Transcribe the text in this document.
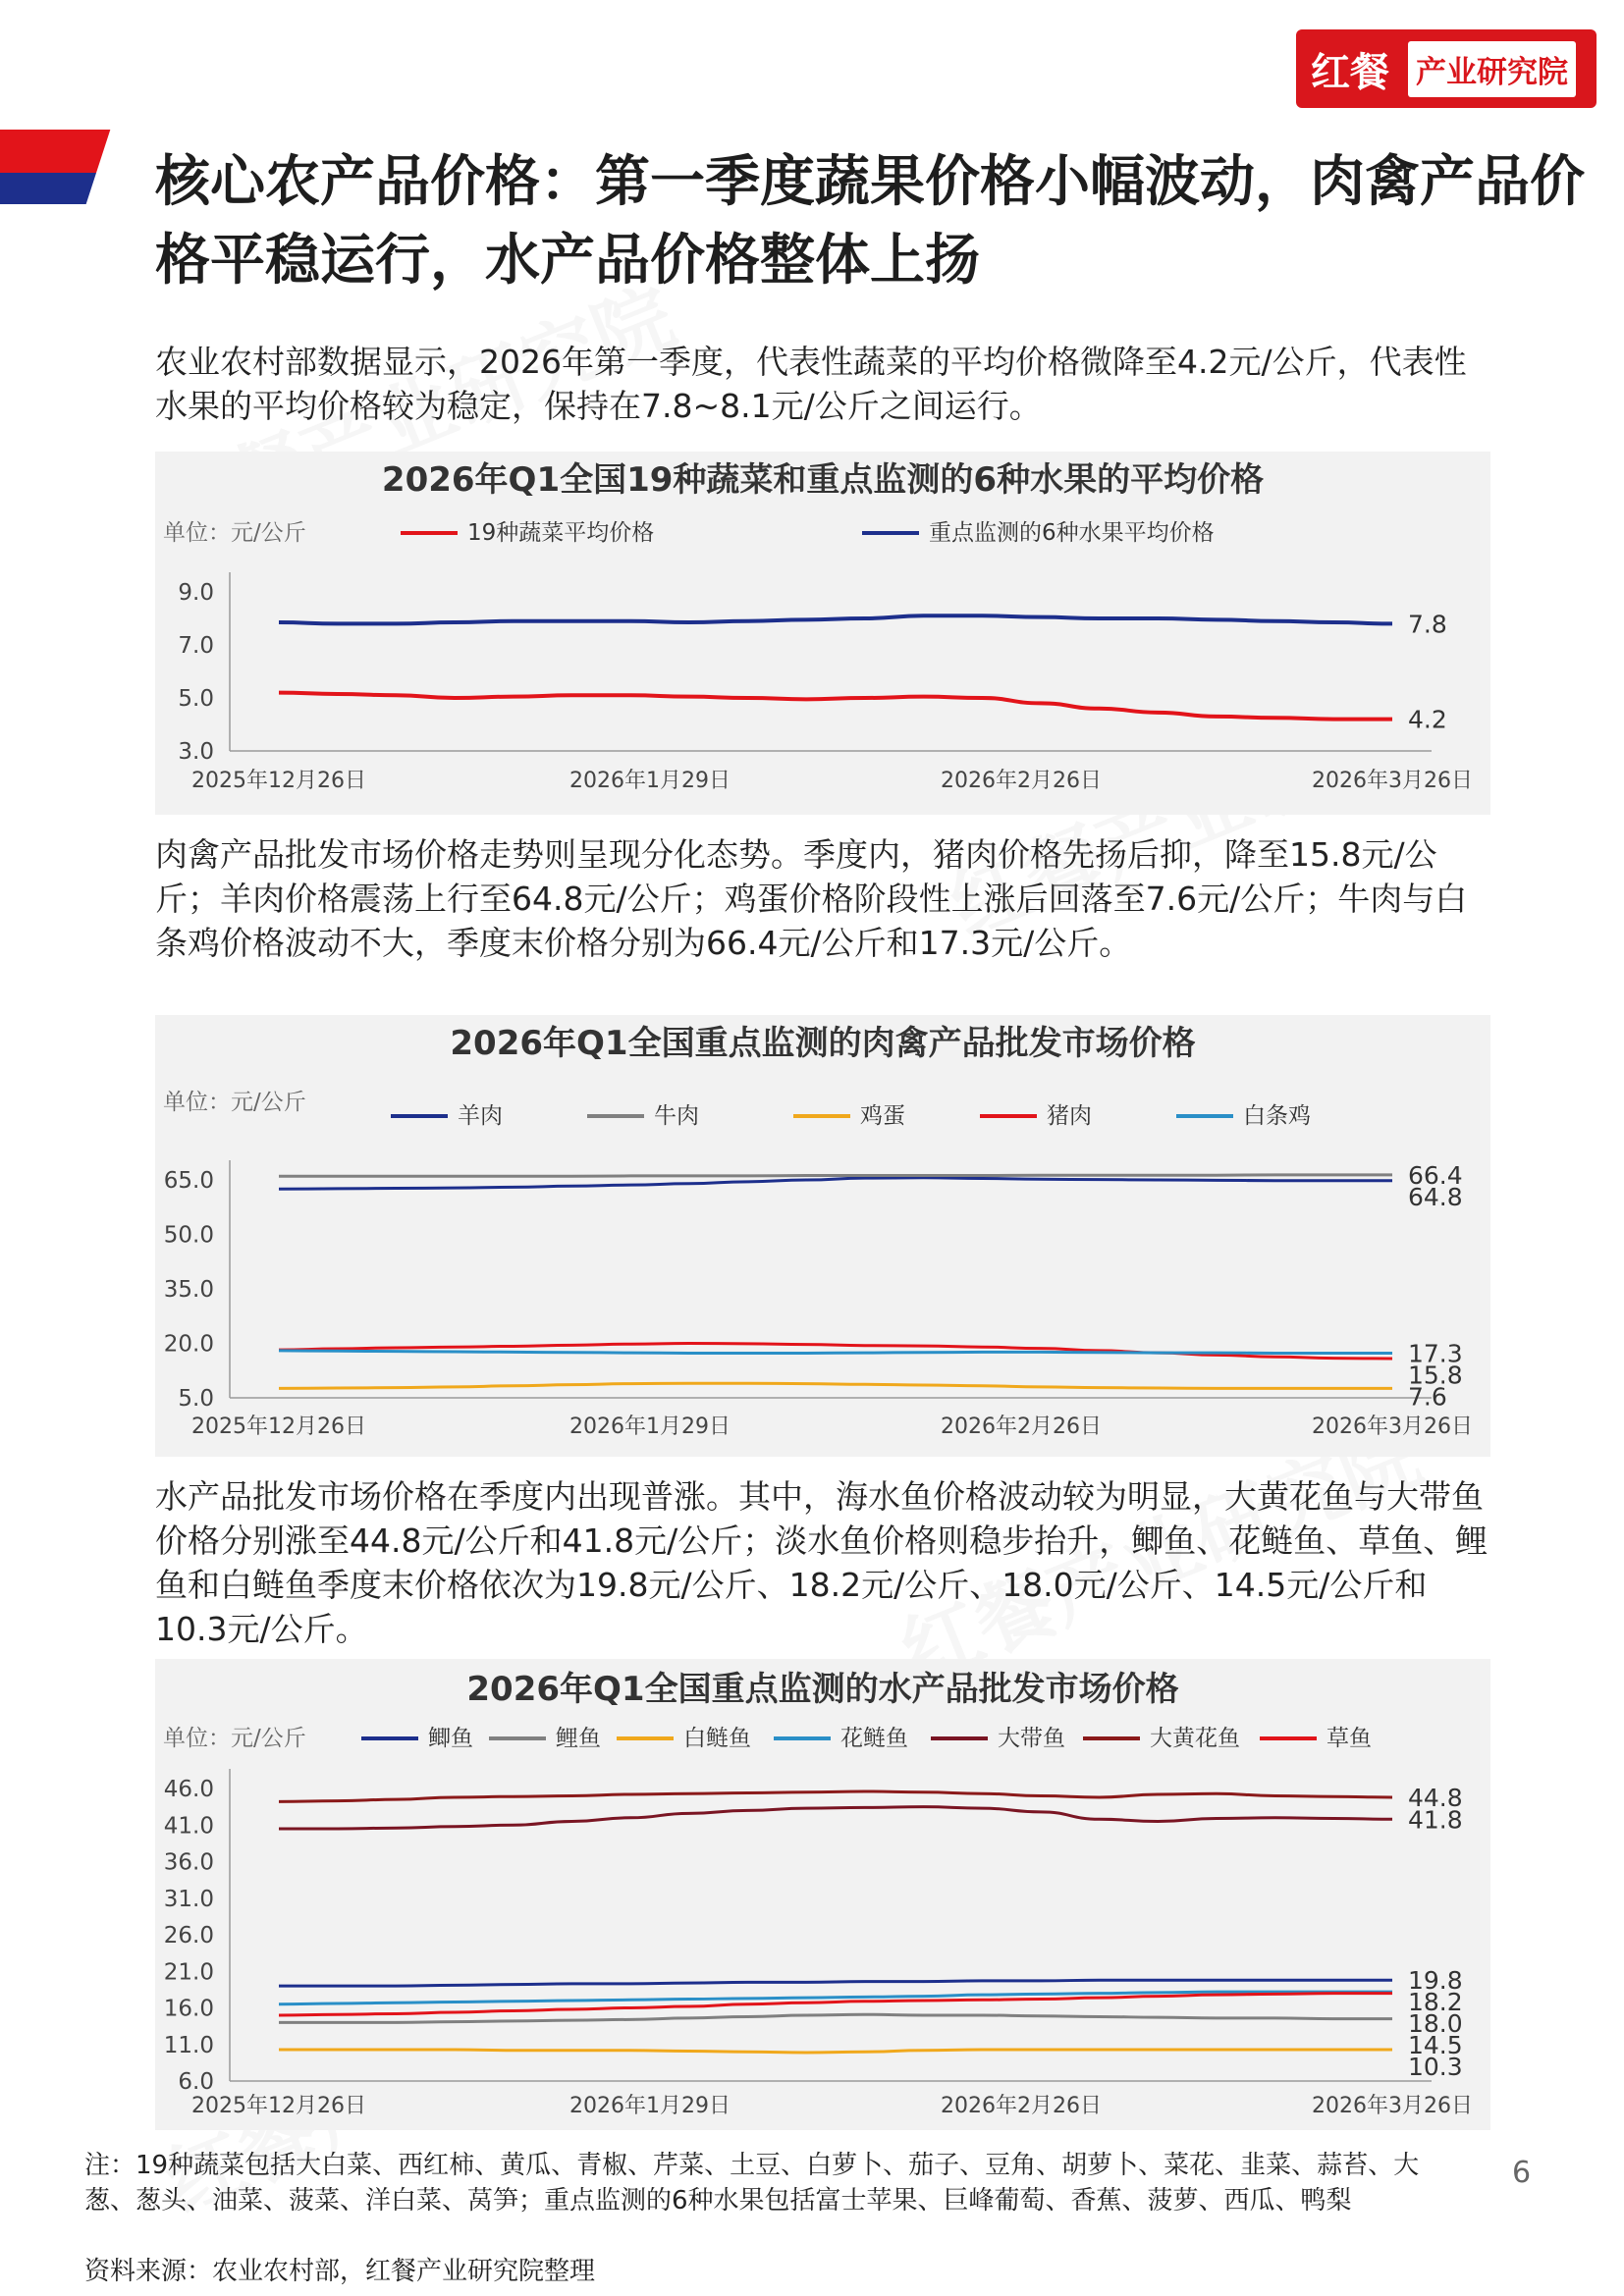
红餐 产业研究院
核心农产品价格：第一季度蔬果价格小幅波动，肉禽产品价格平稳运行，水产品价格整体上扬
农业农村部数据显示，2026年第一季度，代表性蔬菜的平均价格微降至4.2元/公斤，代表性水果的平均价格较为稳定，保持在7.8~8.1元/公斤之间运行。
2026年Q1全国19种蔬菜和重点监测的6种水果的平均价格
单位：元/公斤	19种蔬菜平均价格	重点监测的6种水果平均价格
9.0
7.0
5.0
3.0
2025年12月26日	2026年1月29日	2026年2月26日	2026年3月26日
7.8
4.2
肉禽产品批发市场价格走势则呈现分化态势。季度内，猪肉价格先扬后抑，降至15.8元/公斤；羊肉价格震荡上行至64.8元/公斤；鸡蛋价格阶段性上涨后回落至7.6元/公斤；牛肉与白条鸡价格波动不大，季度末价格分别为66.4元/公斤和17.3元/公斤。
2026年Q1全国重点监测的肉禽产品批发市场价格
单位：元/公斤
羊肉	牛肉	鸡蛋	猪肉	白条鸡
65.0
50.0
35.0
20.0
5.0
2025年12月26日	2026年1月29日	2026年2月26日	2026年3月26日
66.4
64.8
17.3
15.8
7.6
水产品批发市场价格在季度内出现普涨。其中，海水鱼价格波动较为明显，大黄花鱼与大带鱼价格分别涨至44.8元/公斤和41.8元/公斤；淡水鱼价格则稳步抬升，鲫鱼、花鲢鱼、草鱼、鲤鱼和白鲢鱼季度末价格依次为19.8元/公斤、18.2元/公斤、18.0元/公斤、14.5元/公斤和10.3元/公斤。
2026年Q1全国重点监测的水产品批发市场价格
单位：元/公斤	鲫鱼	鲤鱼	白鲢鱼	花鲢鱼	大带鱼	大黄花鱼	草鱼
46.0
41.0
36.0
31.0
26.0
21.0
16.0
11.0
6.0
2025年12月26日	2026年1月29日	2026年2月26日	2026年3月26日
44.8
41.8
19.8
18.2
18.0
14.5
10.3
注：19种蔬菜包括大白菜、西红柿、黄瓜、青椒、芹菜、土豆、白萝卜、茄子、豆角、胡萝卜、菜花、韭菜、蒜苔、大葱、葱头、油菜、菠菜、洋白菜、莴笋；重点监测的6种水果包括富士苹果、巨峰葡萄、香蕉、菠萝、西瓜、鸭梨
资料来源：农业农村部，红餐产业研究院整理
6
